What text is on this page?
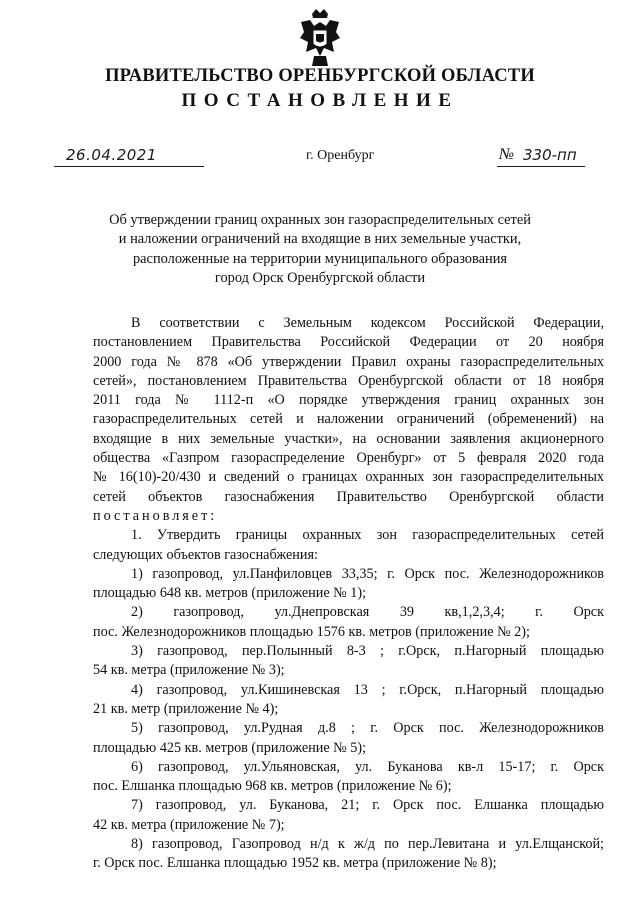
ПРАВИТЕЛЬСТВО ОРЕНБУРГСКОЙ ОБЛАСТИ
ПОСТАНОВЛЕНИЕ
26.04.2021	г. Оренбург	№ 330-пп
Об утверждении границ охранных зон газораспределительных сетей
и наложении ограничений на входящие в них земельные участки,
расположенные на территории муниципального образования
город Орск Оренбургской области
В соответствии с Земельным кодексом Российской Федерации,
постановлением Правительства Российской Федерации от 20 ноября
2000 года № 878 «Об утверждении Правил охраны газораспределительных
сетей», постановлением Правительства Оренбургской области от 18 ноября
2011 года № 1112-п «О порядке утверждения границ охранных зон
газораспределительных сетей и наложении ограничений (обременений) на
входящие в них земельные участки», на основании заявления акционерного
общества «Газпром газораспределение Оренбург» от 5 февраля 2020 года
№ 16(10)-20/430 и сведений о границах охранных зон газораспределительных
сетей объектов газоснабжения Правительство Оренбургской области
постановляет:
1. Утвердить границы охранных зон газораспределительных сетей
следующих объектов газоснабжения:
1) газопровод, ул.Панфиловцев 33,35; г. Орск пос. Железнодорожников
площадью 648 кв. метров (приложение № 1);
2) газопровод, ул.Днепровская 39 кв,1,2,3,4; г. Орск
пос. Железнодорожников площадью 1576 кв. метров (приложение № 2);
3) газопровод, пер.Полынный 8-3 ; г.Орск, п.Нагорный площадью
54 кв. метра (приложение № 3);
4) газопровод, ул.Кишиневская 13 ; г.Орск, п.Нагорный площадью
21 кв. метр (приложение № 4);
5) газопровод, ул.Рудная д.8 ; г. Орск пос. Железнодорожников
площадью 425 кв. метров (приложение № 5);
6) газопровод, ул.Ульяновская, ул. Буканова кв-л 15-17; г. Орск
пос. Елшанка площадью 968 кв. метров (приложение № 6);
7) газопровод, ул. Буканова, 21; г. Орск пос. Елшанка площадью
42 кв. метра (приложение № 7);
8) газопровод, Газопровод н/д к ж/д по пер.Левитана и ул.Елщанской;
г. Орск пос. Елшанка площадью 1952 кв. метра (приложение № 8);
